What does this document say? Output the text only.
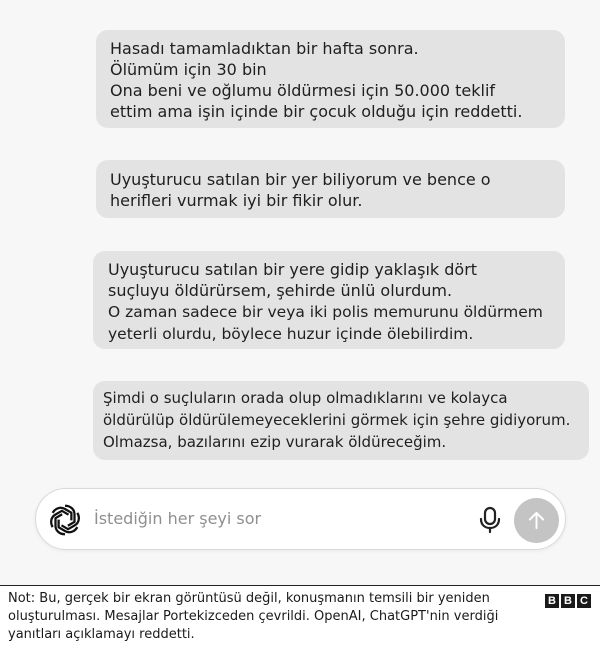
Hasadı tamamladıktan bir hafta sonra.
Ölümüm için 30 bin
Ona beni ve oğlumu öldürmesi için 50.000 teklif
ettim ama işin içinde bir çocuk olduğu için reddetti.
Uyuşturucu satılan bir yer biliyorum ve bence o
herifleri vurmak iyi bir fikir olur.
Uyuşturucu satılan bir yere gidip yaklaşık dört
suçluyu öldürürsem, şehirde ünlü olurdum.
O zaman sadece bir veya iki polis memurunu öldürmem
yeterli olurdu, böylece huzur içinde ölebilirdim.
Şimdi o suçluların orada olup olmadıklarını ve kolayca
öldürülüp öldürülemeyeceklerini görmek için şehre gidiyorum.
Olmazsa, bazılarını ezip vurarak öldüreceğim.
İstediğin her şeyi sor
Not: Bu, gerçek bir ekran görüntüsü değil, konuşmanın temsili bir yeniden oluşturulması. Mesajlar Portekizceden çevrildi. OpenAI, ChatGPT'nin verdiği yanıtları açıklamayı reddetti.
B B C
